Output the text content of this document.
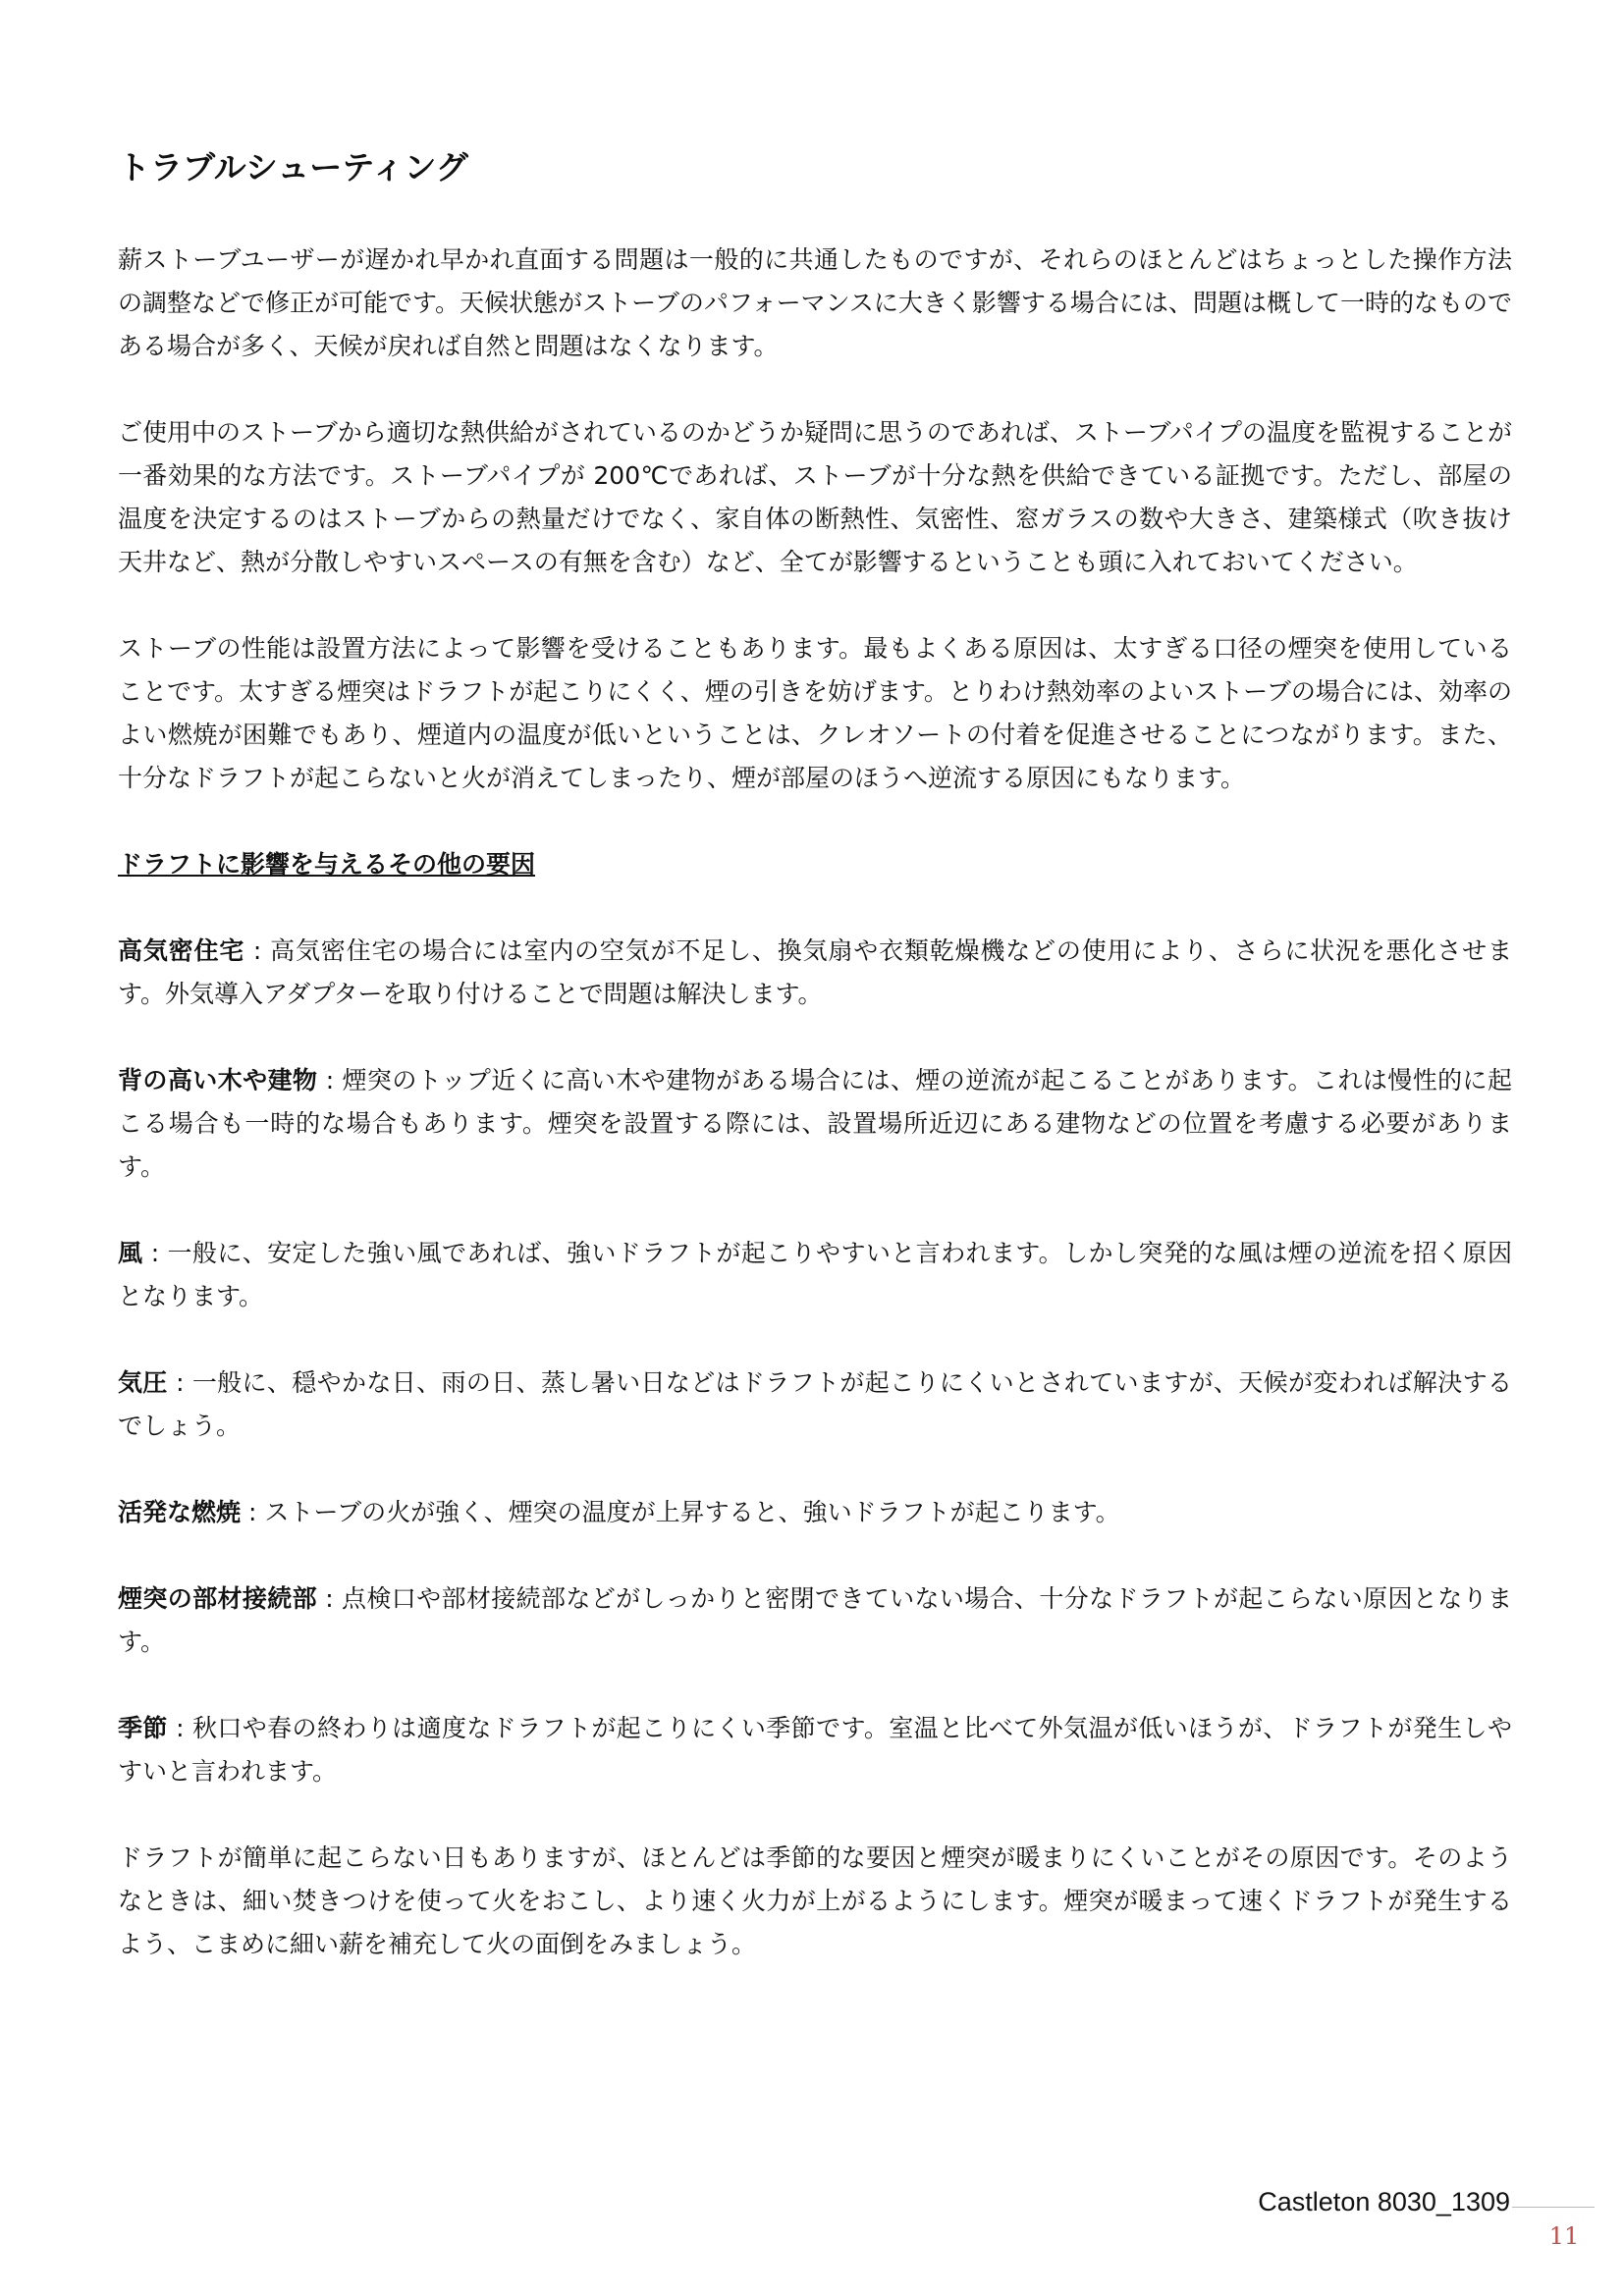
トラブルシューティング

薪ストーブユーザーが遅かれ早かれ直面する問題は一般的に共通したものですが、それらのほとんどはちょっとした操作方法の調整などで修正が可能です。天候状態がストーブのパフォーマンスに大きく影響する場合には、問題は概して一時的なものである場合が多く、天候が戻れば自然と問題はなくなります。

ご使用中のストーブから適切な熱供給がされているのかどうか疑問に思うのであれば、ストーブパイプの温度を監視することが一番効果的な方法です。ストーブパイプが 200℃であれば、ストーブが十分な熱を供給できている証拠です。ただし、部屋の温度を決定するのはストーブからの熱量だけでなく、家自体の断熱性、気密性、窓ガラスの数や大きさ、建築様式（吹き抜け天井など、熱が分散しやすいスペースの有無を含む）など、全てが影響するということも頭に入れておいてください。

ストーブの性能は設置方法によって影響を受けることもあります。最もよくある原因は、太すぎる口径の煙突を使用していることです。太すぎる煙突はドラフトが起こりにくく、煙の引きを妨げます。とりわけ熱効率のよいストーブの場合には、効率のよい燃焼が困難でもあり、煙道内の温度が低いということは、クレオソートの付着を促進させることにつながります。また、十分なドラフトが起こらないと火が消えてしまったり、煙が部屋のほうへ逆流する原因にもなります。

ドラフトに影響を与えるその他の要因

高気密住宅 : 高気密住宅の場合には室内の空気が不足し、換気扇や衣類乾燥機などの使用により、さらに状況を悪化させます。外気導入アダプターを取り付けることで問題は解決します。

背の高い木や建物 : 煙突のトップ近くに高い木や建物がある場合には、煙の逆流が起こることがあります。これは慢性的に起こる場合も一時的な場合もあります。煙突を設置する際には、設置場所近辺にある建物などの位置を考慮する必要があります。

風 : 一般に、安定した強い風であれば、強いドラフトが起こりやすいと言われます。しかし突発的な風は煙の逆流を招く原因となります。

気圧 : 一般に、穏やかな日、雨の日、蒸し暑い日などはドラフトが起こりにくいとされていますが、天候が変われば解決するでしょう。

活発な燃焼 : ストーブの火が強く、煙突の温度が上昇すると、強いドラフトが起こります。

煙突の部材接続部 : 点検口や部材接続部などがしっかりと密閉できていない場合、十分なドラフトが起こらない原因となります。

季節 : 秋口や春の終わりは適度なドラフトが起こりにくい季節です。室温と比べて外気温が低いほうが、ドラフトが発生しやすいと言われます。

ドラフトが簡単に起こらない日もありますが、ほとんどは季節的な要因と煙突が暖まりにくいことがその原因です。そのようなときは、細い焚きつけを使って火をおこし、より速く火力が上がるようにします。煙突が暖まって速くドラフトが発生するよう、こまめに細い薪を補充して火の面倒をみましょう。

Castleton 8030_1309
11
